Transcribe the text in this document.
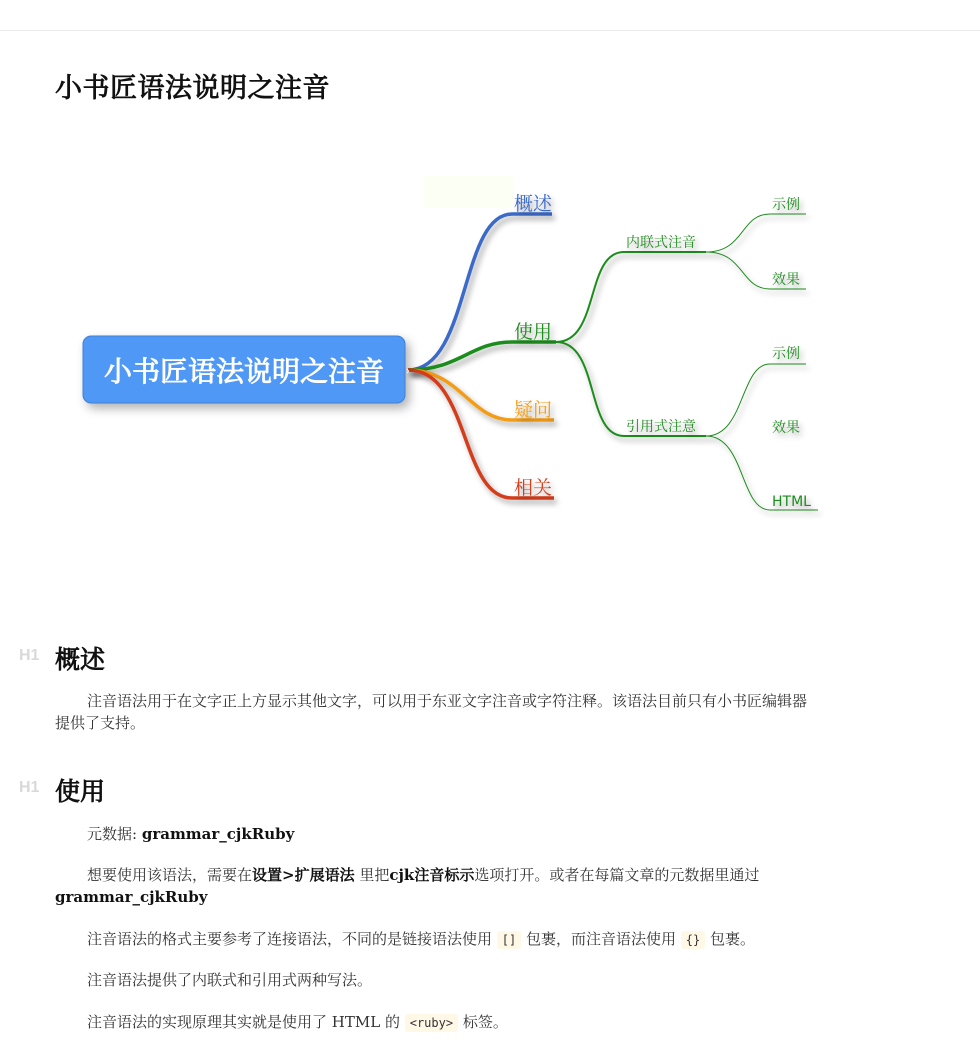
小书匠语法说明之注音
小书匠语法说明之注音 ›
概述
使用
疑问
相关
内联式注音
引用式注意
示例
效果
示例
效果
HTML
H1 概述

注音语法用于在文字正上方显示其他文字，可以用于东亚文字注音或字符注释。该语法目前只有小书匠编辑器提供了支持。

H1 使用

元数据: grammar_cjkRuby

想要使用该语法，需要在设置>扩展语法 里把cjk注音标示选项打开。或者在每篇文章的元数据里通过 grammar_cjkRuby

注音语法的格式主要参考了连接语法，不同的是链接语法使用 [] 包裹，而注音语法使用 {} 包裹。

注音语法提供了内联式和引用式两种写法。

注音语法的实现原理其实就是使用了 HTML 的 <ruby> 标签。
